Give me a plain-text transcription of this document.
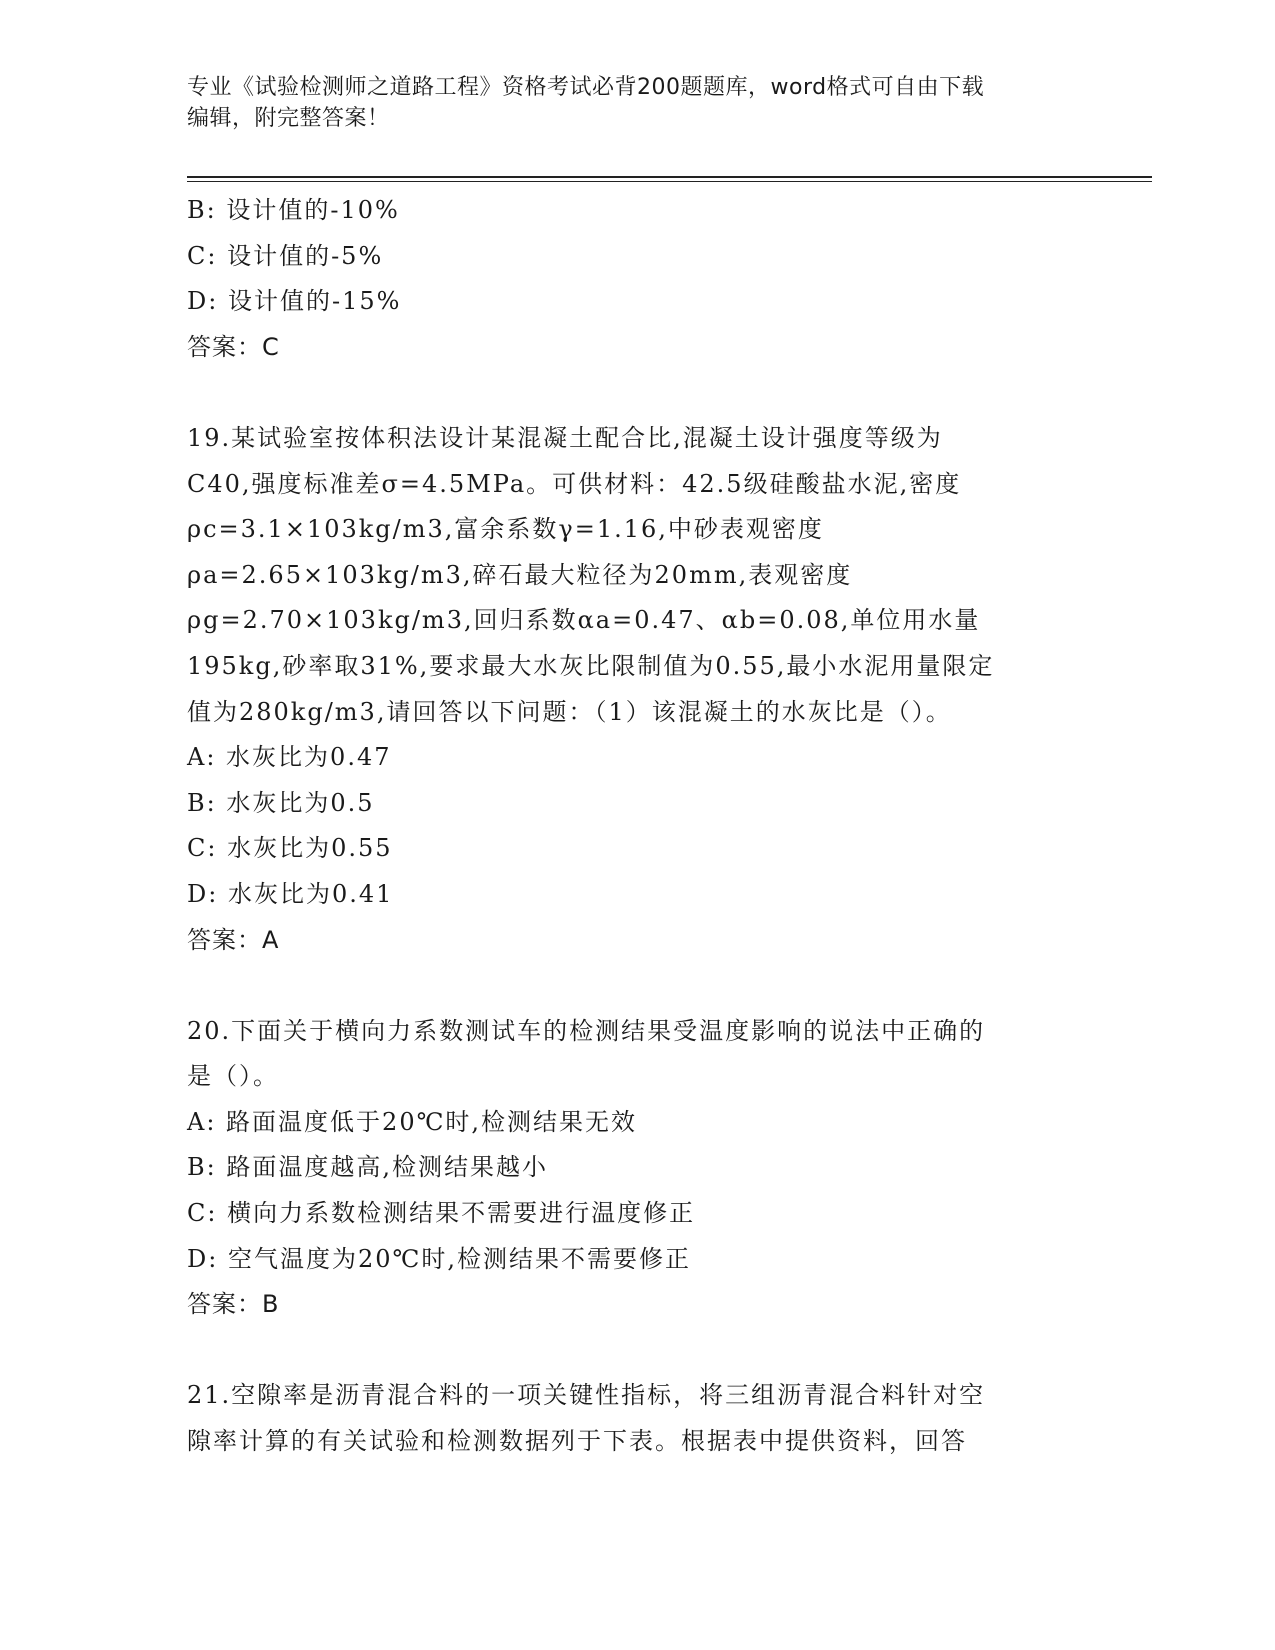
专业《试验检测师之道路工程》资格考试必背200题题库，word格式可自由下载
编辑，附完整答案！
B: 设计值的-10%
C: 设计值的-5%
D: 设计值的-15%
答案：C
19.某试验室按体积法设计某混凝土配合比,混凝土设计强度等级为
C40,强度标准差σ=4.5MPa。可供材料：42.5级硅酸盐水泥,密度
ρc=3.1×103kg/m3,富余系数γ=1.16,中砂表观密度
ρa=2.65×103kg/m3,碎石最大粒径为20mm,表观密度
ρg=2.70×103kg/m3,回归系数αa=0.47、αb=0.08,单位用水量
195kg,砂率取31%,要求最大水灰比限制值为0.55,最小水泥用量限定
值为280kg/m3,请回答以下问题：（1）该混凝土的水灰比是（）。
A: 水灰比为0.47
B: 水灰比为0.5
C: 水灰比为0.55
D: 水灰比为0.41
答案：A
20.下面关于横向力系数测试车的检测结果受温度影响的说法中正确的
是（）。
A: 路面温度低于20℃时,检测结果无效
B: 路面温度越高,检测结果越小
C: 横向力系数检测结果不需要进行温度修正
D: 空气温度为20℃时,检测结果不需要修正
答案：B
21.空隙率是沥青混合料的一项关键性指标，将三组沥青混合料针对空
隙率计算的有关试验和检测数据列于下表。根据表中提供资料，回答
